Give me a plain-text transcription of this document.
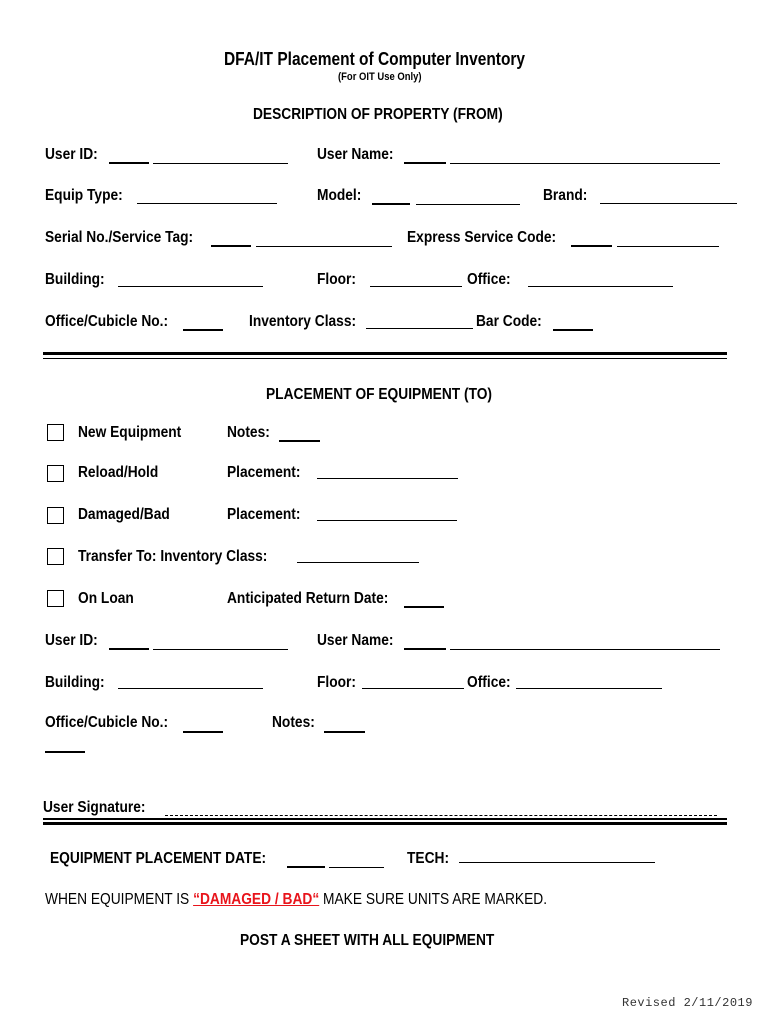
DFA/IT Placement of Computer Inventory
(For OIT Use Only)
DESCRIPTION OF PROPERTY (FROM)
User ID:	User Name:
Equip Type:	Model:	Brand:
Serial No./Service Tag:	Express Service Code:
Building:	Floor:	Office:
Office/Cubicle No.:	Inventory Class:	Bar Code:
PLACEMENT OF EQUIPMENT (TO)
New Equipment	Notes:
Reload/Hold	Placement:
Damaged/Bad	Placement:
Transfer To: Inventory Class:
On Loan	Anticipated Return Date:
User ID:	User Name:
Building:	Floor:	Office:
Office/Cubicle No.:	Notes:
User Signature:
EQUIPMENT PLACEMENT DATE:	TECH:
WHEN EQUIPMENT IS “DAMAGED / BAD“ MAKE SURE UNITS ARE MARKED.
POST A SHEET WITH ALL EQUIPMENT
Revised 2/11/2019
